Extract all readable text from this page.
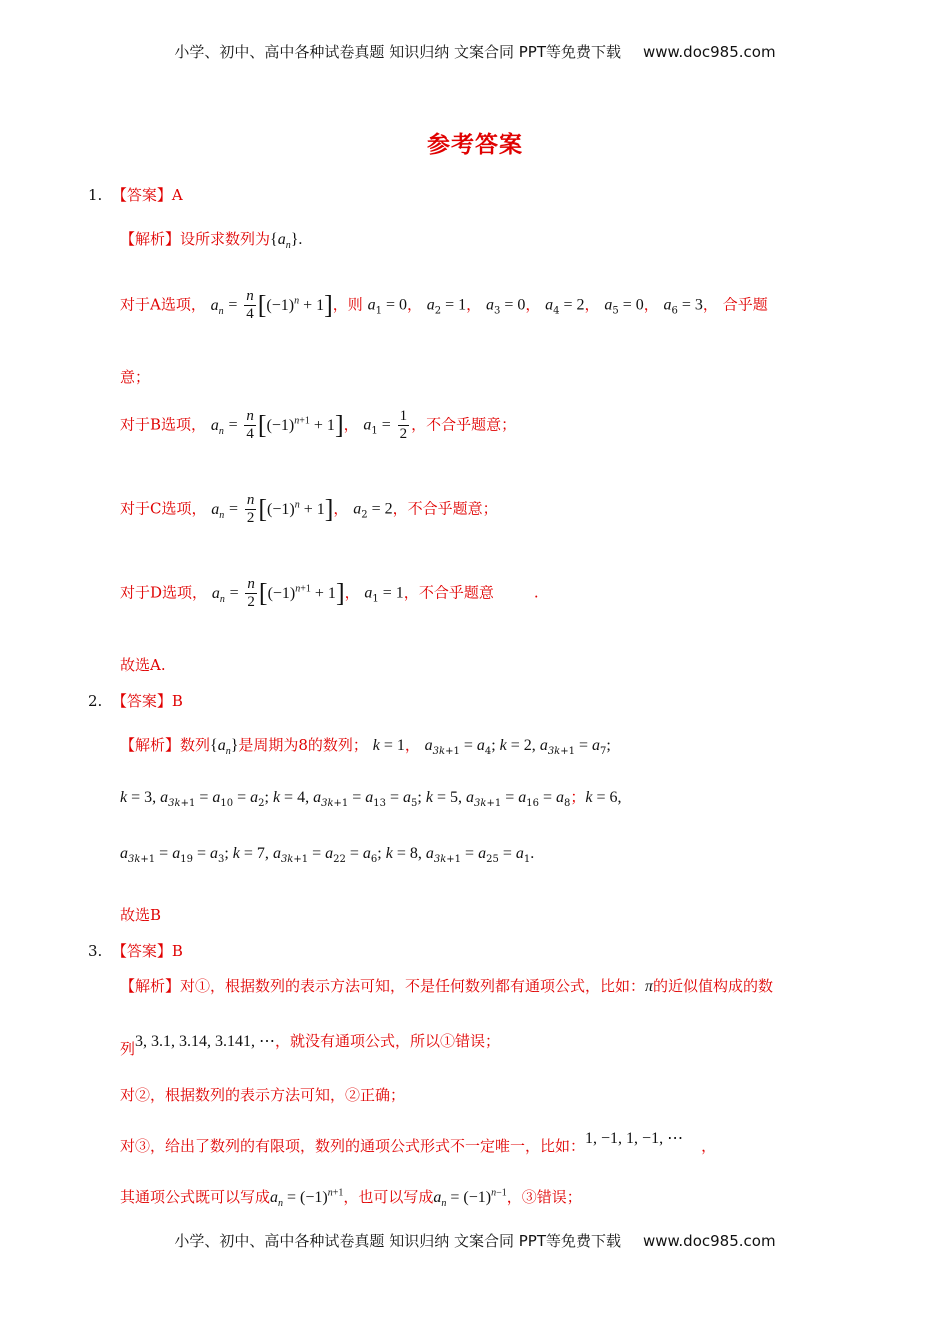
小学、初中、高中各种试卷真题 知识归纳 文案合同 PPT等免费下载 www.doc985.com
参考答案
1. 【答案】A
【解析】设所求数列为$\{a_n\}$.
对于A选项， $a_n = \frac{n}{4} [(-1)^n + 1]$，则 $a_1 = 0$， $a_2 = 1$， $a_3 = 0$， $a_4 = 2$， $a_5 = 0$， $a_6 = 3$， 合乎题
意；
对于B选项， $a_n = \frac{n}{4} [(-1)^{n+1} + 1]$， $a_1 = \frac{1}{2}$ ，不合乎题意；
对于C选项， $a_n = \frac{n}{2} [(-1)^n + 1]$， $a_2 = 2$，不合乎题意；
对于D选项， $a_n = \frac{n}{2} [(-1)^{n+1} + 1]$， $a_1 = 1$，不合乎题意	.
故选A.
2. 【答案】B
【解析】数列$\{a_n\}$是周期为8的数列； k = 1， $a_{3k+1} = a_4$; k = 2, $a_{3k+1} = a_7$;
k = 3, $a_{3k+1} = a_{10} = a_2$; k = 4, $a_{3k+1} = a_{13} = a_5$; k = 5, $a_{3k+1} = a_{16} = a_8$；k = 6,
$a_{3k+1} = a_{19} = a_3$; k = 7, $a_{3k+1} = a_{22} = a_6$; k = 8, $a_{3k+1} = a_{25} = a_1$.
故选B
3. 【答案】B
【解析】对①，根据数列的表示方法可知，不是任何数列都有通项公式，比如：π的近似值构成的数
列3, 3.1, 3.14, 3.141, ⋯，就没有通项公式，所以①错误；
对②，根据数列的表示方法可知，②正确；
对③，给出了数列的有限项，数列的通项公式形式不一定唯一，比如：1, −1, 1, −1, ⋯ ，
其通项公式既可以写成$a_n = (-1)^{n+1}$，也可以写成$a_n = (-1)^{n-1}$，③错误；
小学、初中、高中各种试卷真题 知识归纳 文案合同 PPT等免费下载 www.doc985.com
